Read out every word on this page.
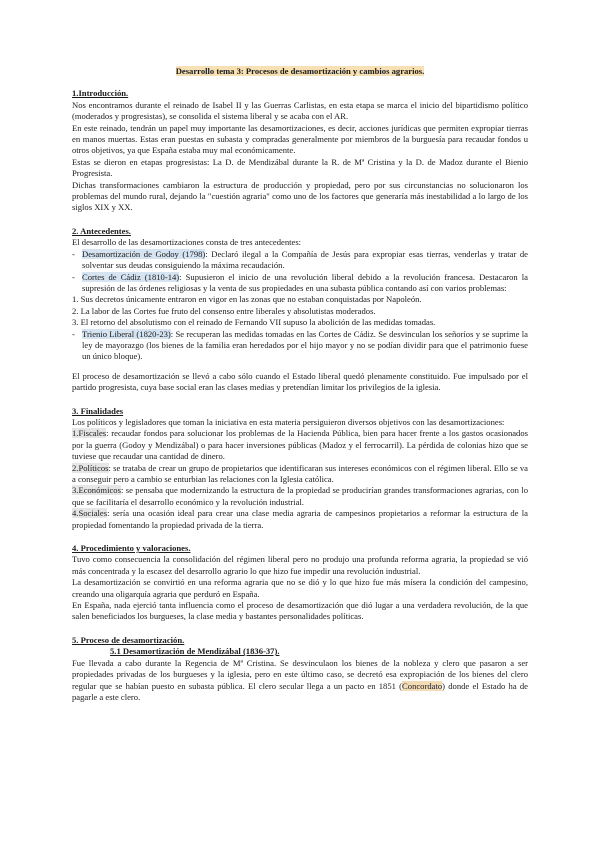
Desarrollo tema 3: Procesos de desamortización y cambios agrarios.
1.Introducción.

Nos encontramos durante el reinado de Isabel II y las Guerras Carlistas, en esta etapa se marca el inicio del bipartidismo político (moderados y progresistas), se consolida el sistema liberal y se acaba con el AR.

En este reinado, tendrán un papel muy importante las desamortizaciones, es decir, acciones jurídicas que permiten expropiar tierras en manos muertas. Estas eran puestas en subasta y compradas generalmente por miembros de la burguesía para recaudar fondos u otros objetivos, ya que España estaba muy mal económicamente.

Estas se dieron en etapas progresistas: La D. de Mendizábal durante la R. de Mª Cristina y la D. de Madoz durante el Bienio Progresista.

Dichas transformaciones cambiaron la estructura de producción y propiedad, pero por sus circunstancias no solucionaron los problemas del mundo rural, dejando la "cuestión agraria" como uno de los factores que generaría más inestabilidad a lo largo de los siglos XIX y XX.

2. Antecedentes.

El desarrollo de las desamortizaciones consta de tres antecedentes:

- Desamortización de Godoy (1798): Declaró ilegal a la Compañía de Jesús para expropiar esas tierras, venderlas y tratar de solventar sus deudas consiguiendo la máxima recaudación.
- Cortes de Cádiz (1810-14): Supusieron el inicio de una revolución liberal debido a la revolución francesa. Destacaron la supresión de las órdenes religiosas y la venta de sus propiedades en una subasta pública contando así con varios problemas:
1. Sus decretos únicamente entraron en vigor en las zonas que no estaban conquistadas por Napoleón.
2. La labor de las Cortes fue fruto del consenso entre liberales y absolutistas moderados.
3. El retorno del absolutismo con el reinado de Fernando VII supuso la abolición de las medidas tomadas.
- Trienio Liberal (1820-23): Se recuperan las medidas tomadas en las Cortes de Cádiz. Se desvinculan los señoríos y se suprime la ley de mayorazgo (los bienes de la familia eran heredados por el hijo mayor y no se podían dividir para que el patrimonio fuese un único bloque).

El proceso de desamortización se llevó a cabo sólo cuando el Estado liberal quedó plenamente constituido. Fue impulsado por el partido progresista, cuya base social eran las clases medias y pretendían limitar los privilegios de la iglesia.

3. Finalidades

Los políticos y legisladores que toman la iniciativa en esta materia persiguieron diversos objetivos con las desamortizaciones:

1.Fiscales: recaudar fondos para solucionar los problemas de la Hacienda Pública, bien para hacer frente a los gastos ocasionados por la guerra (Godoy y Mendizábal) o para hacer inversiones públicas (Madoz y el ferrocarril). La pérdida de colonias hizo que se tuviese que recaudar una cantidad de dinero.

2.Políticos: se trataba de crear un grupo de propietarios que identificaran sus intereses económicos con el régimen liberal. Ello se va a conseguir pero a cambio se enturbian las relaciones con la Iglesia católica.

3.Económicos: se pensaba que modernizando la estructura de la propiedad se producirían grandes transformaciones agrarias, con lo que se facilitaría el desarrollo económico y la revolución industrial.

4.Sociales: sería una ocasión ideal para crear una clase media agraria de campesinos propietarios a reformar la estructura de la propiedad fomentando la propiedad privada de la tierra.

4. Procedimiento y valoraciones.

Tuvo como consecuencia la consolidación del régimen liberal pero no produjo una profunda reforma agraria, la propiedad se vió más concentrada y la escasez del desarrollo agrario lo que hizo fue impedir una revolución industrial.

La desamortización se convirtió en una reforma agraria que no se dió y lo que hizo fue más mísera la condición del campesino, creando una oligarquía agraria que perduró en España.

En España, nada ejerció tanta influencia como el proceso de desamortización que dió lugar a una verdadera revolución, de la que salen beneficiados los burgueses, la clase media y bastantes personalidades políticas.

5. Proceso de desamortización.
5.1 Desamortización de Mendizábal (1836-37).

Fue llevada a cabo durante la Regencia de Mª Cristina. Se desvinculaon los bienes de la nobleza y clero que pasaron a ser propiedades privadas de los burgueses y la iglesia, pero en este último caso, se decretó esa expropiación de los bienes del clero regular que se habían puesto en subasta pública. El clero secular llega a un pacto en 1851 (Concordato) donde el Estado ha de pagarle a este clero.
